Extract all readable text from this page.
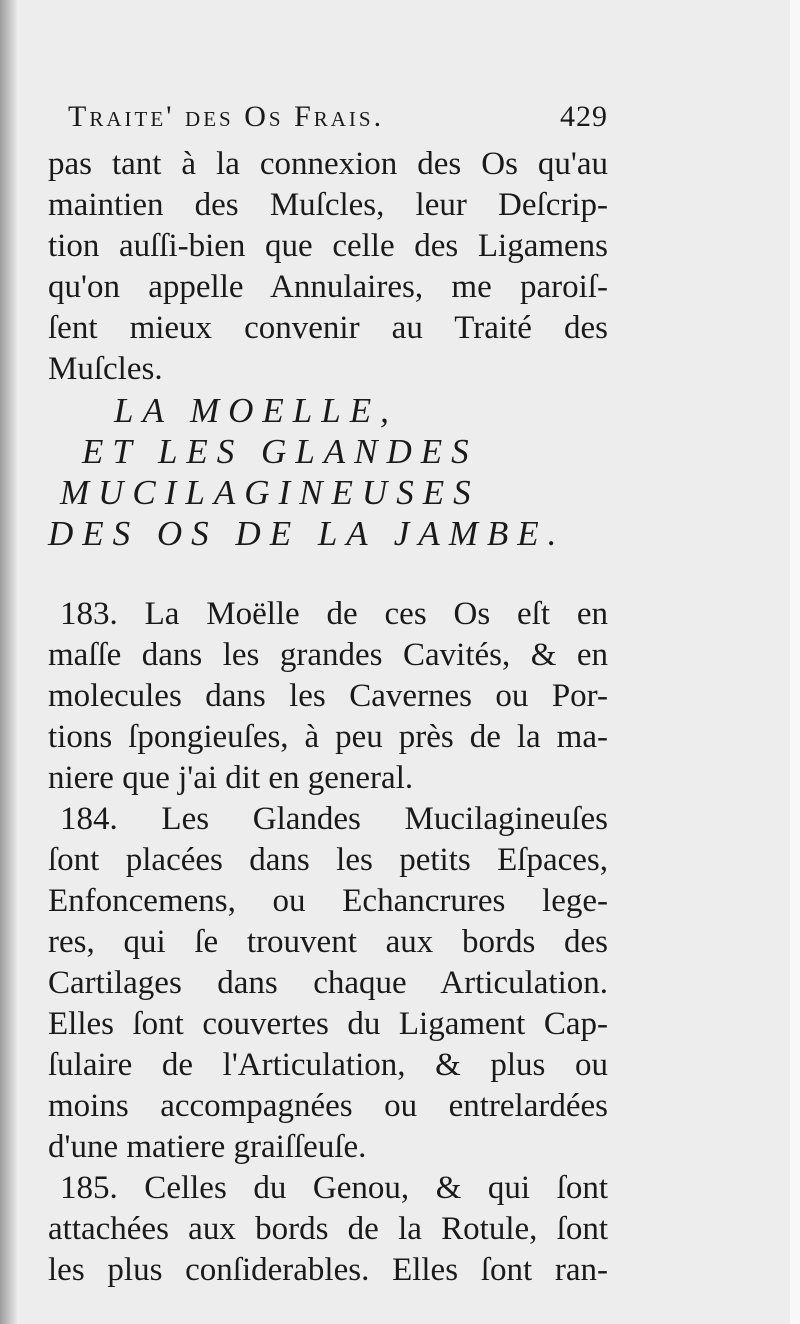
Traite' des Os Frais.	429
pas tant à la connexion des Os qu'au
maintien des Muſcles, leur Deſcrip-
tion auſſi-bien que celle des Ligamens
qu'on appelle Annulaires, me paroiſ-
ſent mieux convenir au Traité des
Muſcles.
LA MOELLE,
ET LES GLANDES
MUCILAGINEUSES
DES OS DE LA JAMBE.
183. La Moëlle de ces Os eſt en
maſſe dans les grandes Cavités, & en
molecules dans les Cavernes ou Por-
tions ſpongieuſes, à peu près de la ma-
niere que j'ai dit en general.
184. Les Glandes Mucilagineuſes
ſont placées dans les petits Eſpaces,
Enfoncemens, ou Echancrures lege-
res, qui ſe trouvent aux bords des
Cartilages dans chaque Articulation.
Elles ſont couvertes du Ligament Cap-
ſulaire de l'Articulation, & plus ou
moins accompagnées ou entrelardées
d'une matiere graiſſeuſe.
185. Celles du Genou, & qui ſont
attachées aux bords de la Rotule, ſont
les plus conſiderables. Elles ſont ran-
